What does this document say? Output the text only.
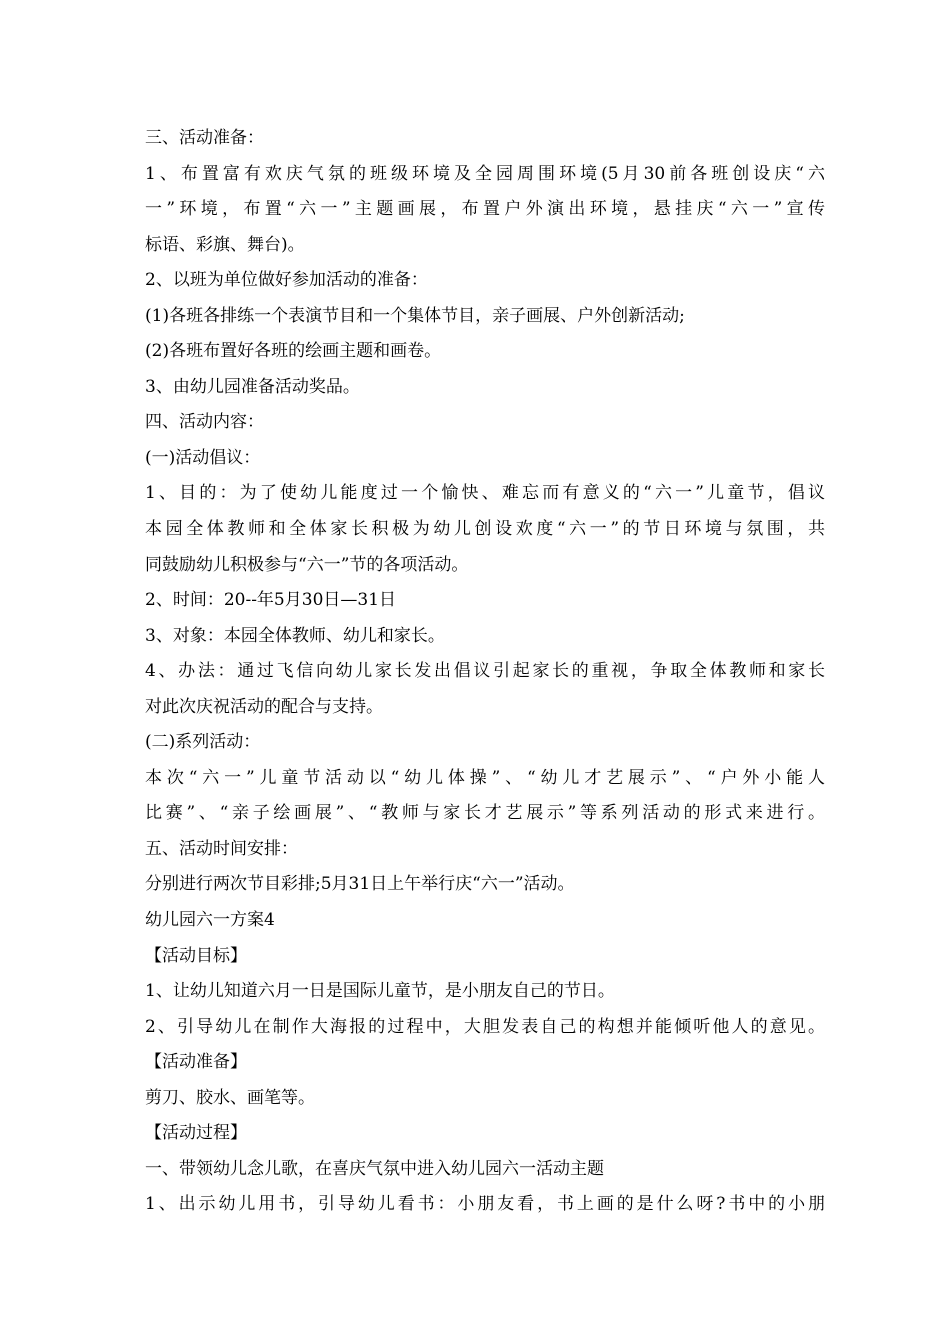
三、活动准备：
1、布置富有欢庆气氛的班级环境及全园周围环境(5月30前各班创设庆“六
一”环境，布置“六一”主题画展，布置户外演出环境，悬挂庆“六一”宣传
标语、彩旗、舞台)。
2、以班为单位做好参加活动的准备：
(1)各班各排练一个表演节目和一个集体节目，亲子画展、户外创新活动;
(2)各班布置好各班的绘画主题和画卷。
3、由幼儿园准备活动奖品。
四、活动内容：
(一)活动倡议：
1、目的：为了使幼儿能度过一个愉快、难忘而有意义的“六一”儿童节，倡议
本园全体教师和全体家长积极为幼儿创设欢度“六一”的节日环境与氛围，共
同鼓励幼儿积极参与“六一”节的各项活动。
2、时间：20--年5月30日—31日
3、对象：本园全体教师、幼儿和家长。
4、办法：通过飞信向幼儿家长发出倡议引起家长的重视，争取全体教师和家长
对此次庆祝活动的配合与支持。
(二)系列活动：
本次“六一”儿童节活动以“幼儿体操”、“幼儿才艺展示”、“户外小能人
比赛”、“亲子绘画展”、“教师与家长才艺展示”等系列活动的形式来进行。
五、活动时间安排：
分别进行两次节目彩排;5月31日上午举行庆“六一”活动。
幼儿园六一方案4
【活动目标】
1、让幼儿知道六月一日是国际儿童节，是小朋友自己的节日。
2、引导幼儿在制作大海报的过程中，大胆发表自己的构想并能倾听他人的意见。
【活动准备】
剪刀、胶水、画笔等。
【活动过程】
一、带领幼儿念儿歌，在喜庆气氛中进入幼儿园六一活动主题
1、出示幼儿用书，引导幼儿看书：小朋友看，书上画的是什么呀?书中的小朋
